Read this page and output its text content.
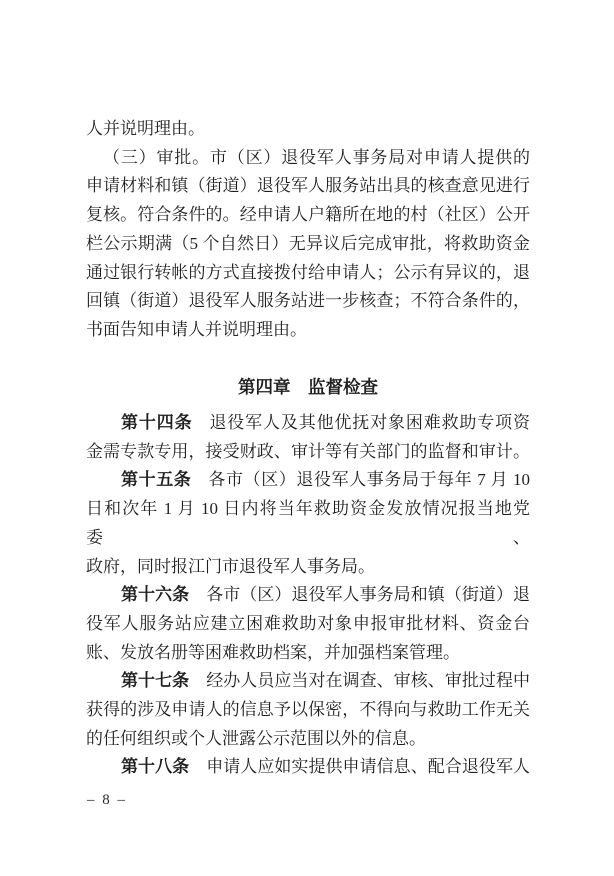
人并说明理由。
（三）审批。市（区）退役军人事务局对申请人提供的
申请材料和镇（街道）退役军人服务站出具的核查意见进行
复核。符合条件的。经申请人户籍所在地的村（社区）公开
栏公示期满（5 个自然日）无异议后完成审批，将救助资金
通过银行转帐的方式直接拨付给申请人；公示有异议的，退
回镇（街道）退役军人服务站进一步核查；不符合条件的，
书面告知申请人并说明理由。
第四章　监督检查
第十四条 退役军人及其他优抚对象困难救助专项资
金需专款专用，接受财政、审计等有关部门的监督和审计。
第十五条 各市（区）退役军人事务局于每年 7 月 10
日和次年 1 月 10 日内将当年救助资金发放情况报当地党委、
政府，同时报江门市退役军人事务局。
第十六条 各市（区）退役军人事务局和镇（街道）退
役军人服务站应建立困难救助对象申报审批材料、资金台
账、发放名册等困难救助档案，并加强档案管理。
第十七条 经办人员应当对在调查、审核、审批过程中
获得的涉及申请人的信息予以保密，不得向与救助工作无关
的任何组织或个人泄露公示范围以外的信息。
第十八条 申请人应如实提供申请信息、配合退役军人
– 8 –
